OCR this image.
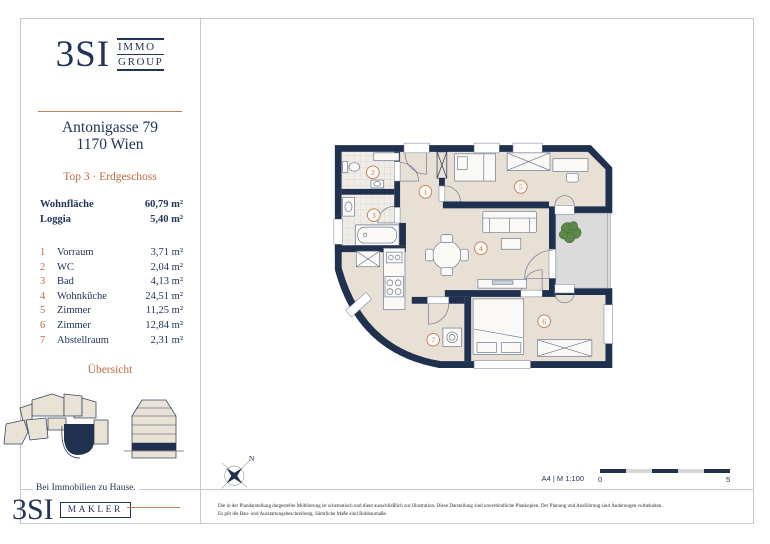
3SI IMMO
GROUP
Antonigasse 79
1170 Wien
Top 3 · Erdgeschoss
Wohnfläche	60,79 m²
Loggia	5,40 m²
1	Vorraum	3,71 m²
2	WC	2,04 m²
3	Bad	4,13 m²
4	Wohnküche	24,51 m²
5	Zimmer	11,25 m²
6	Zimmer	12,84 m²
7	Abstellraum	2,31 m²
Übersicht
1
2
3
4
5
6
7
N
Bei Immobilien zu Hause.
3SI	MAKLER	Die in der Plandarstellung dargestellte Möblierung ist schematisch und dient ausschließlich zur Illustration. Diese Darstellung sind unverbindliche Plankopien. Der Planung und Ausführung sind Änderungen vorbehalten.
Es gilt die Bau- und Ausstattungsbeschreibung. Sämtliche Maße sind Rohbaumaße.
A4 | M 1:100 0	5
